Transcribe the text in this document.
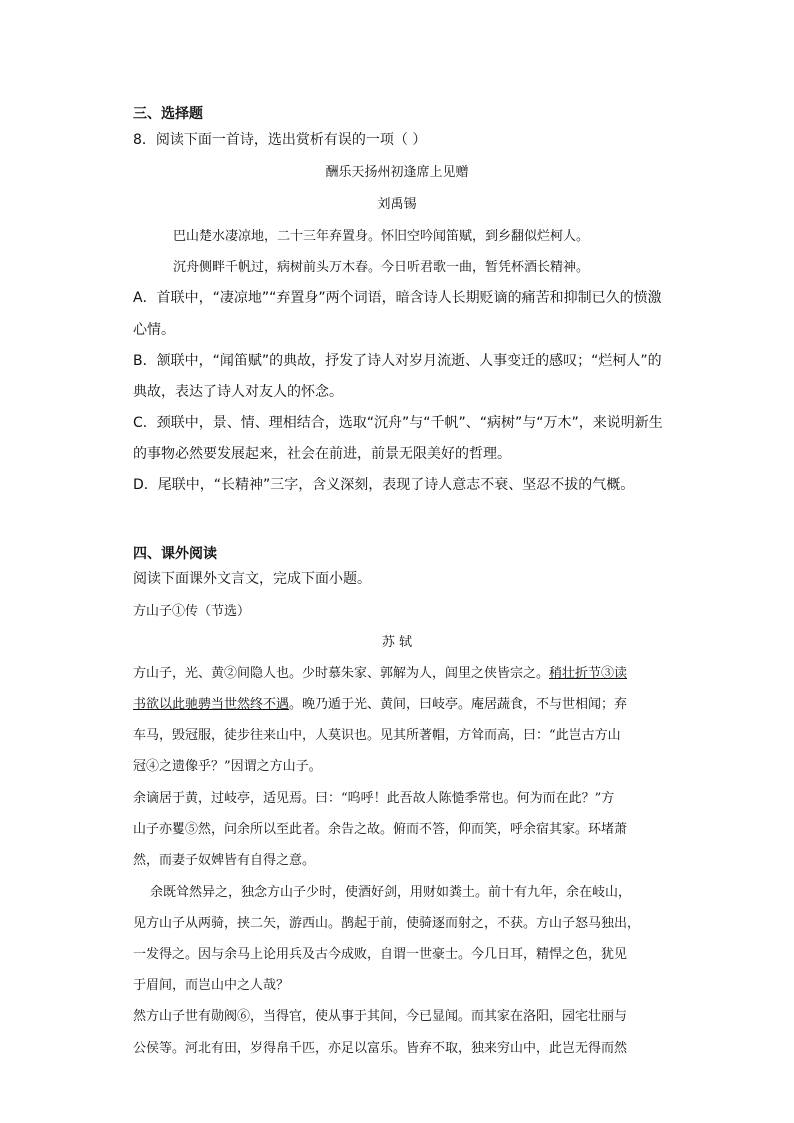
三、选择题
8．阅读下面一首诗，选出赏析有误的一项（ ）
酬乐天扬州初逢席上见赠
刘禹锡
巴山楚水凄凉地，二十三年弃置身。怀旧空吟闻笛赋，到乡翻似烂柯人。
沉舟侧畔千帆过，病树前头万木春。今日听君歌一曲，暂凭杯酒长精神。
A．首联中，“凄凉地”“弃置身”两个词语，暗含诗人长期贬谪的痛苦和抑制已久的愤激
心情。
B．颔联中，“闻笛赋”的典故，抒发了诗人对岁月流逝、人事变迁的感叹；“烂柯人”的
典故，表达了诗人对友人的怀念。
C．颈联中，景、情、理相结合，选取“沉舟”与“千帆”、“病树”与“万木”，来说明新生
的事物必然要发展起来，社会在前进，前景无限美好的哲理。
D．尾联中，“长精神”三字，含义深刻，表现了诗人意志不衰、坚忍不拔的气概。
四、课外阅读
阅读下面课外文言文，完成下面小题。
方山子①传（节选）
苏 轼
方山子，光、黄②间隐人也。少时慕朱家、郭解为人，闾里之侠皆宗之。稍壮折节③读
书欲以此驰骋当世然终不遇。晚乃遁于光、黄间，曰岐亭。庵居蔬食，不与世相闻；弃
车马，毁冠服，徒步往来山中，人莫识也。见其所著帽，方耸而高，曰：“此岂古方山
冠④之遗像乎？”因谓之方山子。
余谪居于黄，过岐亭，适见焉。曰：“呜呼！此吾故人陈慥季常也。何为而在此？”方
山子亦矍⑤然，问余所以至此者。余告之故。俯而不答，仰而笑，呼余宿其家。环堵萧
然，而妻子奴婢皆有自得之意。
余既耸然异之，独念方山子少时，使酒好剑，用财如粪土。前十有九年，余在岐山，
见方山子从两骑，挟二矢，游西山。鹊起于前，使骑逐而射之，不获。方山子怒马独出，
一发得之。因与余马上论用兵及古今成败，自谓一世豪士。今几日耳，精悍之色，犹见
于眉间，而岂山中之人哉？
然方山子世有勋阀⑥，当得官，使从事于其间，今已显闻。而其家在洛阳，园宅壮丽与
公侯等。河北有田，岁得帛千匹，亦足以富乐。皆弃不取，独来穷山中，此岂无得而然
